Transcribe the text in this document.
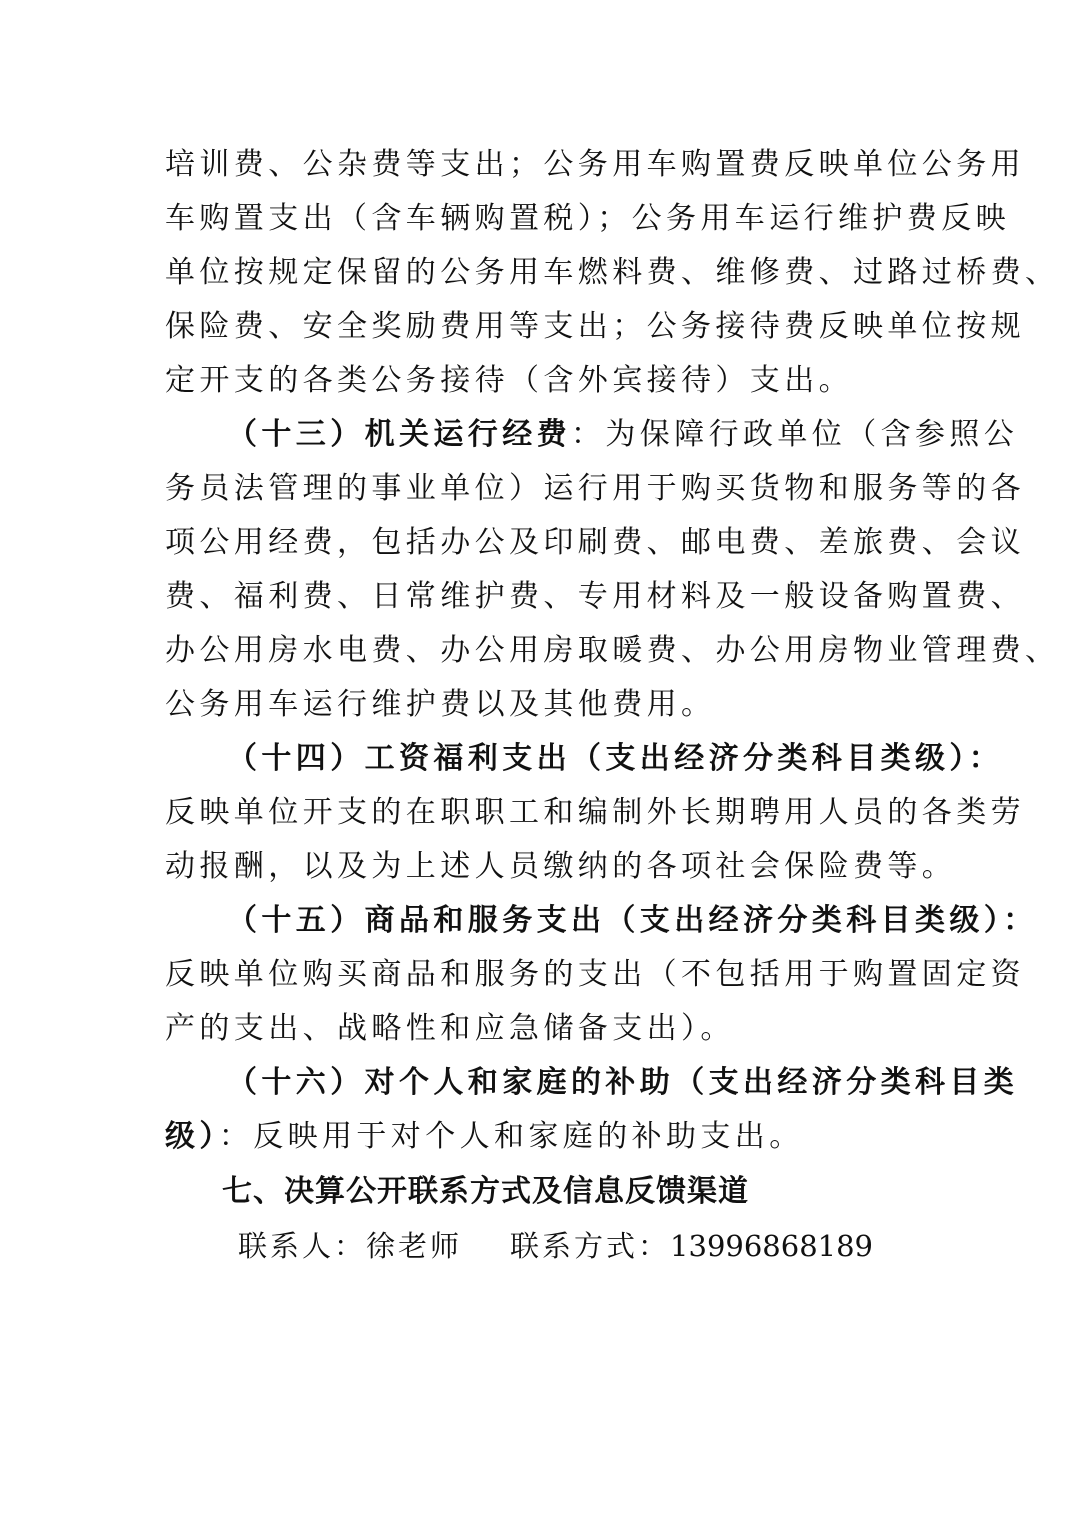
培训费、公杂费等支出；公务用车购置费反映单位公务用
车购置支出（含车辆购置税）；公务用车运行维护费反映
单位按规定保留的公务用车燃料费、维修费、过路过桥费、
保险费、安全奖励费用等支出；公务接待费反映单位按规
定开支的各类公务接待（含外宾接待）支出。
（十三）机关运行经费：为保障行政单位（含参照公
务员法管理的事业单位）运行用于购买货物和服务等的各
项公用经费，包括办公及印刷费、邮电费、差旅费、会议
费、福利费、日常维护费、专用材料及一般设备购置费、
办公用房水电费、办公用房取暖费、办公用房物业管理费、
公务用车运行维护费以及其他费用。
（十四）工资福利支出（支出经济分类科目类级）：
反映单位开支的在职职工和编制外长期聘用人员的各类劳
动报酬，以及为上述人员缴纳的各项社会保险费等。
（十五）商品和服务支出（支出经济分类科目类级）：
反映单位购买商品和服务的支出（不包括用于购置固定资
产的支出、战略性和应急储备支出）。
（十六）对个人和家庭的补助（支出经济分类科目类
级）：反映用于对个人和家庭的补助支出。
七、决算公开联系方式及信息反馈渠道
联系人：徐老师 联系方式：13996868189
